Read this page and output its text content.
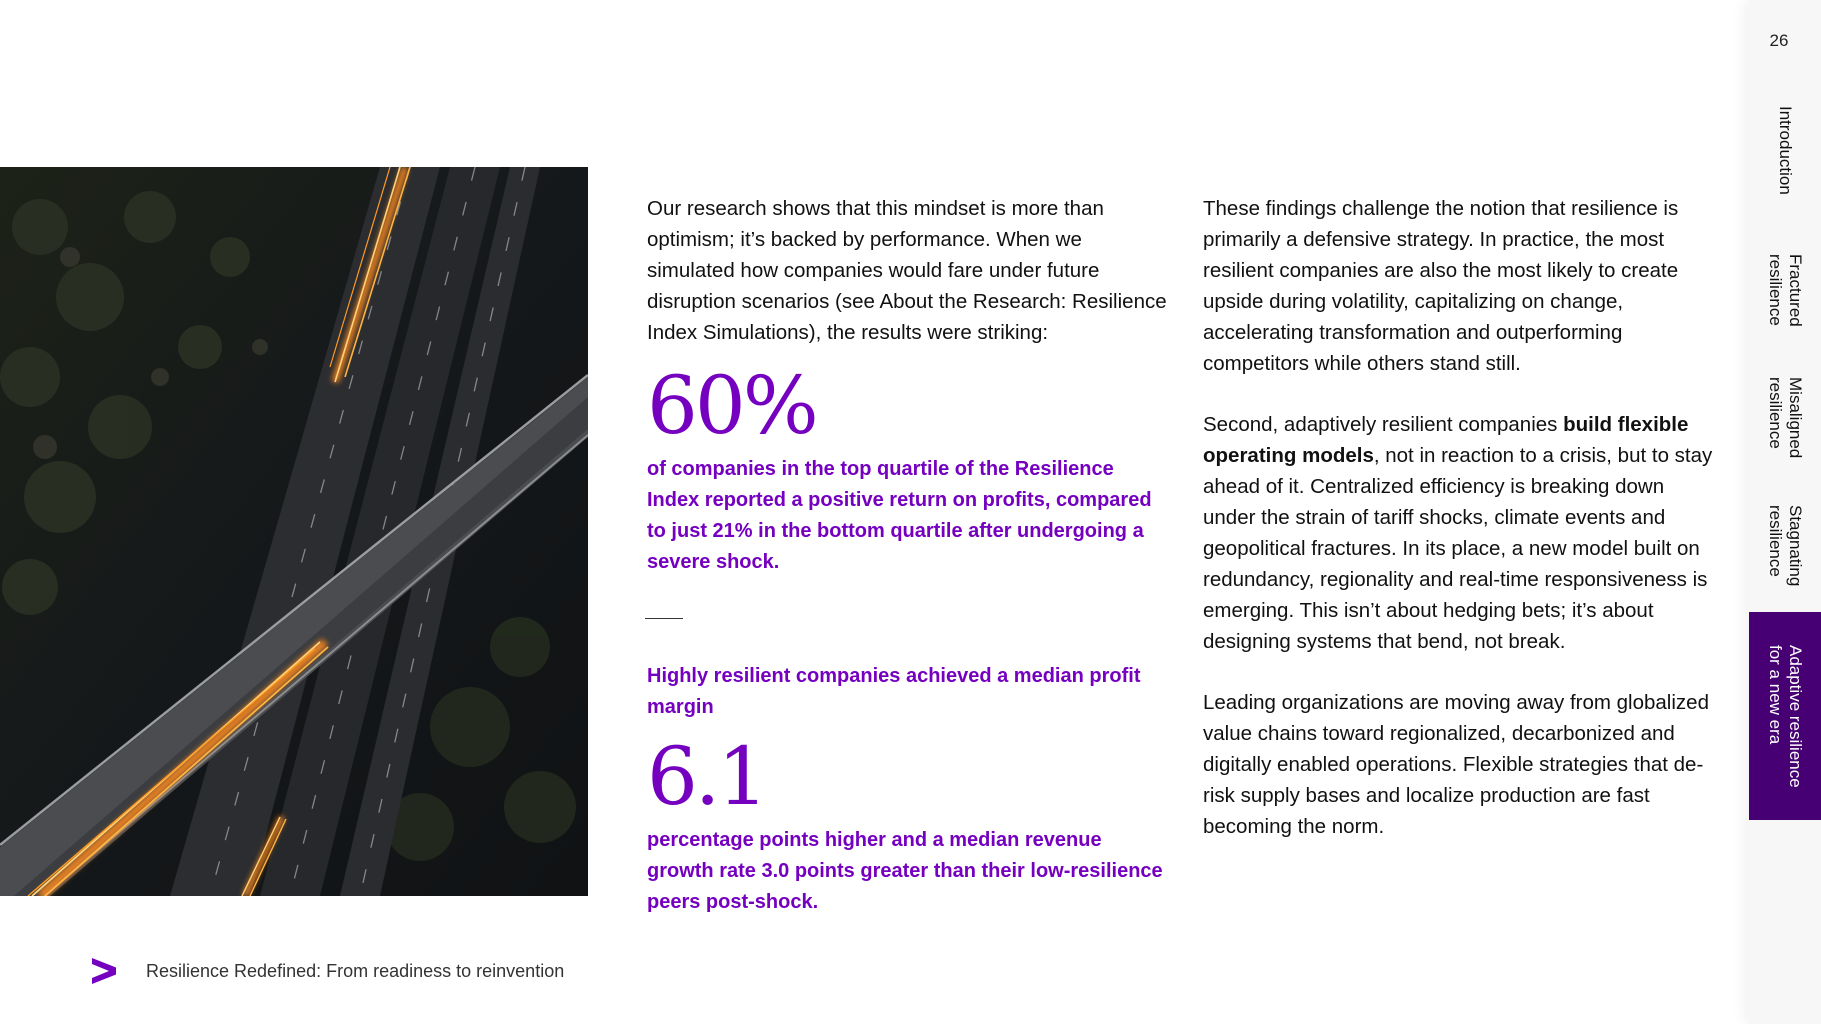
Our research shows that this mindset is more than optimism; it’s backed by performance. When we simulated how companies would fare under future disruption scenarios (see About the Research: Resilience Index Simulations), the results were striking:

60%

of companies in the top quartile of the Resilience Index reported a positive return on profits, compared to just 21% in the bottom quartile after undergoing a severe shock.

Highly resilient companies achieved a median profit margin

6.1

percentage points higher and a median revenue growth rate 3.0 points greater than their low-resilience peers post-shock.

These findings challenge the notion that resilience is primarily a defensive strategy. In practice, the most resilient companies are also the most likely to create upside during volatility, capitalizing on change, accelerating transformation and outperforming competitors while others stand still.

Second, adaptively resilient companies build flexible operating models, not in reaction to a crisis, but to stay ahead of it. Centralized efficiency is breaking down under the strain of tariff shocks, climate events and geopolitical fractures. In its place, a new model built on redundancy, regionality and real-time responsiveness is emerging. This isn’t about hedging bets; it’s about designing systems that bend, not break.

Leading organizations are moving away from globalized value chains toward regionalized, decarbonized and digitally enabled operations. Flexible strategies that de-risk supply bases and localize production are fast becoming the norm.

26
Introduction
Fractured
resilience
Misaligned
resilience
Stagnating
resilience
Adaptive resilience
for a new era
Resilience Redefined: From readiness to reinvention
